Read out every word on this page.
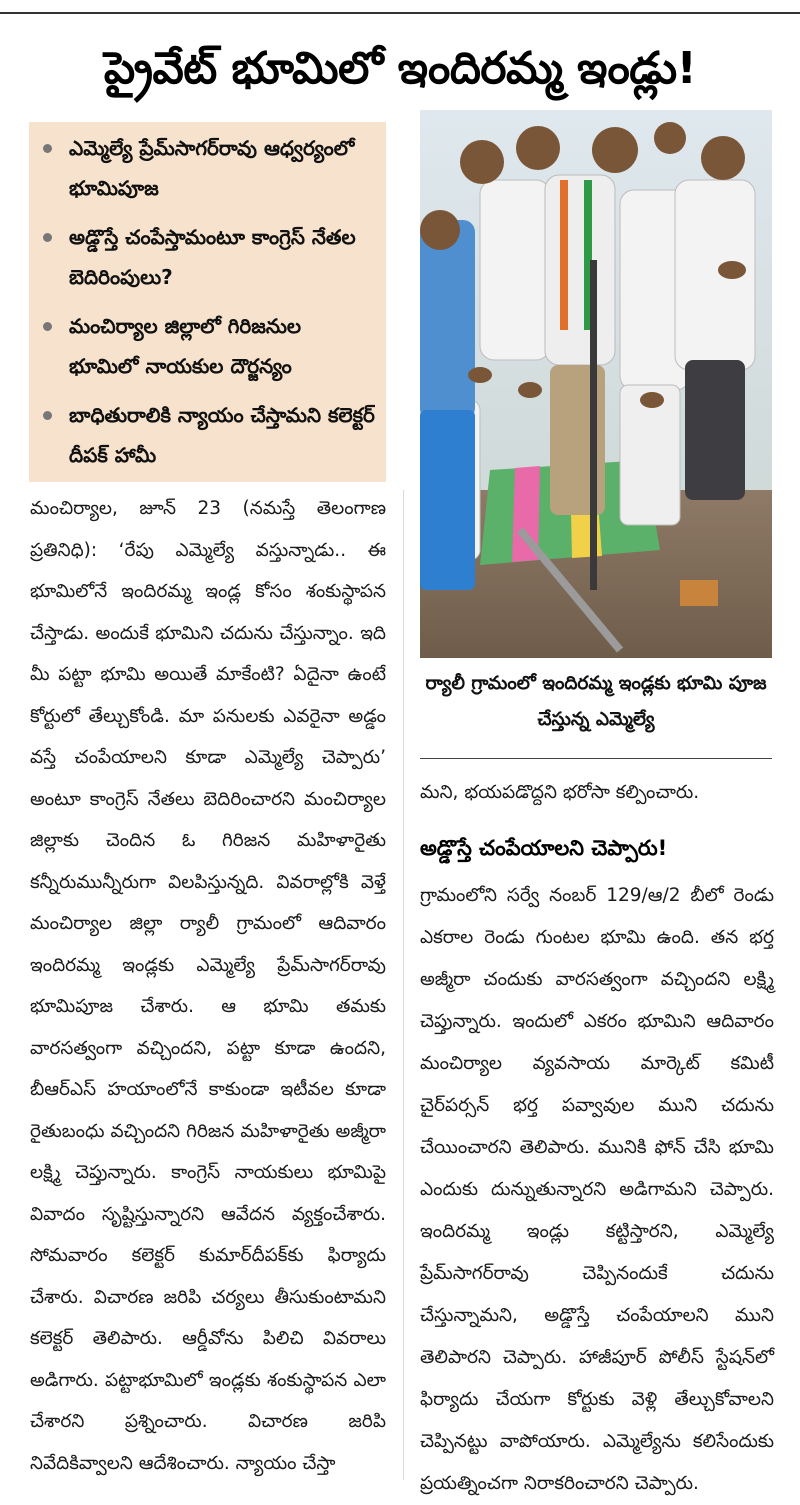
ప్రైవేట్ భూమిలో ఇందిరమ్మ ఇండ్లు!
ఎమ్మెల్యే ప్రేమ్‌సాగర్‌రావు ఆధ్వర్యంలో భూమిపూజ
అడ్డొస్తే చంపేస్తామంటూ కాంగ్రెస్ నేతల బెదిరింపులు?
మంచిర్యాల జిల్లాలో గిరిజనుల భూమిలో నాయకుల దౌర్జన్యం
బాధితురాలికి న్యాయం చేస్తామని కలెక్టర్ దీపక్ హామీ

మంచిర్యాల, జూన్ 23 (నమస్తే తెలంగాణ ప్రతినిధి): ‘రేపు ఎమ్మెల్యే వస్తున్నాడు.. ఈ భూమిలోనే ఇందిరమ్మ ఇండ్ల కోసం శంకుస్థాపన చేస్తాడు. అందుకే భూమిని చదును చేస్తున్నాం. ఇది మీ పట్టా భూమి అయితే మాకేంటి? ఏదైనా ఉంటే కోర్టులో తేల్చుకోండి. మా పనులకు ఎవరైనా అడ్డం వస్తే చంపేయాలని కూడా ఎమ్మెల్యే చెప్పారు’ అంటూ కాంగ్రెస్ నేతలు బెదిరించారని మంచిర్యాల జిల్లాకు చెందిన ఓ గిరిజన మహిళారైతు కన్నీరుమున్నీరుగా విలపిస్తున్నది. వివరాల్లోకి వెళ్తే మంచిర్యాల జిల్లా ర్యాలీ గ్రామంలో ఆదివారం ఇందిరమ్మ ఇండ్లకు ఎమ్మెల్యే ప్రేమ్‌సాగర్‌రావు భూమిపూజ చేశారు. ఆ భూమి తమకు వారసత్వంగా వచ్చిందని, పట్టా కూడా ఉందని, బీఆర్‌ఎస్ హయాంలోనే కాకుండా ఇటీవల కూడా రైతుబంధు వచ్చిందని గిరిజన మహిళారైతు అజ్మీరా లక్ష్మి చెప్తున్నారు. కాంగ్రెస్ నాయకులు భూమిపై వివాదం సృష్టిస్తున్నారని ఆవేదన వ్యక్తంచేశారు. సోమవారం కలెక్టర్ కుమార్‌దీపక్‌కు ఫిర్యాదు చేశారు. విచారణ జరిపి చర్యలు తీసుకుంటామని కలెక్టర్ తెలిపారు. ఆర్డీవోను పిలిచి వివరాలు అడిగారు. పట్టాభూమిలో ఇండ్లకు శంకుస్థాపన ఎలా చేశారని ప్రశ్నించారు. విచారణ జరిపి నివేదికివ్వాలని ఆదేశించారు. న్యాయం చేస్తా

ర్యాలీ గ్రామంలో ఇందిరమ్మ ఇండ్లకు భూమి పూజ చేస్తున్న ఎమ్మెల్యే

మని, భయపడొద్దని భరోసా కల్పించారు.

అడ్డొస్తే చంపేయాలని చెప్పారు!

గ్రామంలోని సర్వే నంబర్ 129/ఆ/2 బీలో రెండు ఎకరాల రెండు గుంటల భూమి ఉంది. తన భర్త అజ్మీరా చందుకు వారసత్వంగా వచ్చిందని లక్ష్మి చెప్తున్నారు. ఇందులో ఎకరం భూమిని ఆదివారం మంచిర్యాల వ్యవసాయ మార్కెట్ కమిటీ చైర్‌పర్సన్ భర్త పవ్వావుల ముని చదును చేయించారని తెలిపారు. మునికి ఫోన్ చేసి భూమి ఎందుకు దున్నుతున్నారని అడిగామని చెప్పారు. ఇందిరమ్మ ఇండ్లు కట్టిస్తారని, ఎమ్మెల్యే ప్రేమ్‌సాగర్‌రావు చెప్పినందుకే చదును చేస్తున్నామని, అడ్డొస్తే చంపేయాలని ముని తెలిపారని చెప్పారు. హాజీపూర్ పోలీస్ స్టేషన్‌లో ఫిర్యాదు చేయగా కోర్టుకు వెళ్లి తేల్చుకోవాలని చెప్పినట్టు వాపోయారు. ఎమ్మెల్యేను కలిసేందుకు ప్రయత్నించగా నిరాకరించారని చెప్పారు.
